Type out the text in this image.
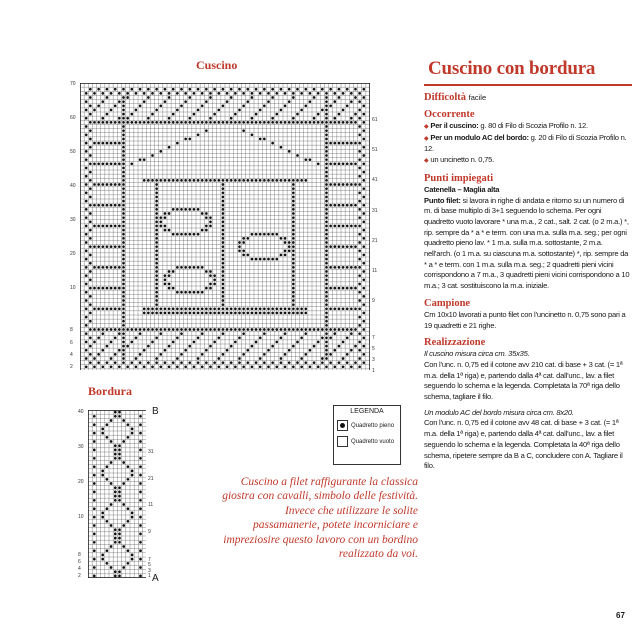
Cuscino
70
60
50
40
30
20
10
8
6
4
2
61
51
41
31
21
11
9
7
5
3
1
Bordura
40
30
20
10
8
6
4
2
31
21
11
9
7
5
3
1
B
A
LEGENDA
Quadretto pieno
Quadretto vuoto
Cuscino a filet raffigurante la classica giostra con cavalli, simbolo delle festività. Invece che utilizzare le solite passamanerie, potete incorniciare e impreziosire questo lavoro con un bordino realizzato da voi.
Cuscino con bordura
Difficoltà facile
Occorrente
◆ Per il cuscino: g. 80 di Filo di Scozia Profilo n. 12.
◆ Per un modulo AC del bordo: g. 20 di Filo di Scozia Profilo n. 12.
◆ un uncinetto n. 0,75.
Punti impiegati
Catenella – Maglia alta
Punto filet: si lavora in righe di andata e ritorno su un numero di m. di base multiplo di 3+1 seguendo lo schema. Per ogni quadretto vuoto lavorare * una m.a., 2 cat., salt. 2 cat. (o 2 m.a.) *, rip. sempre da * a * e term. con una m.a. sulla m.a. seg.; per ogni quadretto pieno lav. * 1 m.a. sulla m.a. sottostante, 2 m.a. nell’arch. (o 1 m.a. su ciascuna m.a. sottostante) *, rip. sempre da * a * e term. con 1 m.a. sulla m.a. seg.; 2 quadretti pieni vicini corrispondono a 7 m.a., 3 quadretti pieni vicini corrispondono a 10 m.a.; 3 cat. sostituiscono la m.a. iniziale.
Campione
Cm 10x10 lavorati a punto filet con l’uncinetto n. 0,75 sono pari a 19 quadretti e 21 righe.
Realizzazione
Il cuscino misura circa cm. 35x35.
Con l’unc. n. 0,75 ed il cotone avv 210 cat. di base + 3 cat. (= 1ª m.a. della 1ª riga) e, partendo dalla 4ª cat. dall’unc., lav. a filet seguendo lo schema e la legenda. Completata la 70ª riga dello schema, tagliare il filo.
Un modulo AC del bordo misura circa cm. 8x20.
Con l’unc. n. 0,75 ed il cotone avv 48 cat. di base + 3 cat. (= 1ª m.a. della 1ª riga) e, partendo dalla 4ª cat. dall’unc., lav. a filet seguendo lo schema e la legenda. Completata la 40ª riga dello schema, ripetere sempre da B a C, concludere con A. Tagliare il filo.
67
